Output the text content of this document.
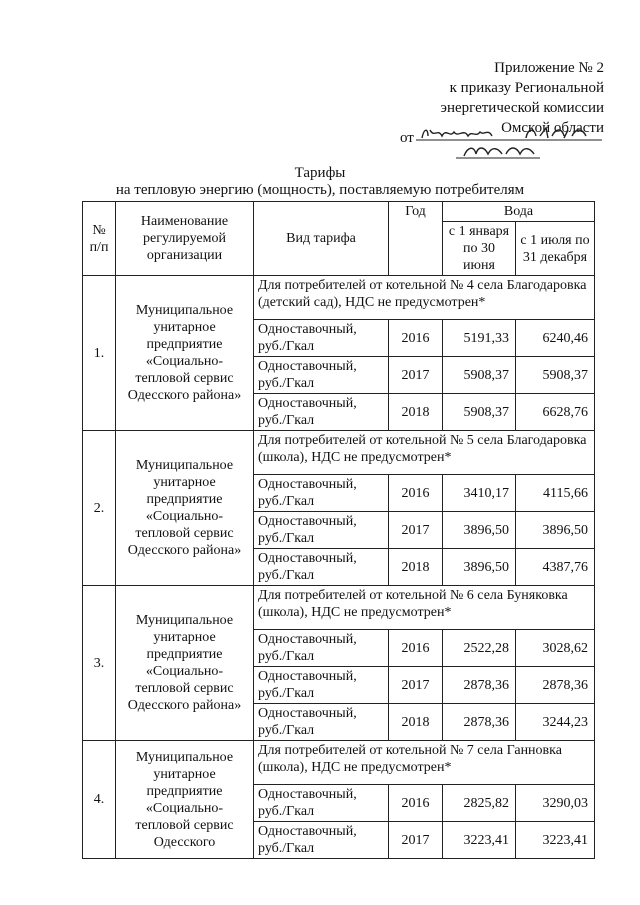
Приложение № 2
к приказу Региональной
энергетической комиссии
Омской области
от
Тарифы
на тепловую энергию (мощность), поставляемую потребителям
№ п/п	Наименование регулируемой организации	Вид тарифа	Год	Вода	
				с 1 января по 30 июня	с 1 июля по 31 декабря
1.	Муниципальное унитарное предприятие «Социально-тепловой сервис Одесского района»	Для потребителей от котельной № 4 села Благодаровка (детский сад), НДС не предусмотрен*			
		Одноставочный, руб./Гкал	2016	5191,33	6240,46
		Одноставочный, руб./Гкал	2017	5908,37	5908,37
		Одноставочный, руб./Гкал	2018	5908,37	6628,76
2.	Муниципальное унитарное предприятие «Социально-тепловой сервис Одесского района»	Для потребителей от котельной № 5 села Благодаровка (школа), НДС не предусмотрен*			
		Одноставочный, руб./Гкал	2016	3410,17	4115,66
		Одноставочный, руб./Гкал	2017	3896,50	3896,50
		Одноставочный, руб./Гкал	2018	3896,50	4387,76
3.	Муниципальное унитарное предприятие «Социально-тепловой сервис Одесского района»	Для потребителей от котельной № 6 села Буняковка (школа), НДС не предусмотрен*			
		Одноставочный, руб./Гкал	2016	2522,28	3028,62
		Одноставочный, руб./Гкал	2017	2878,36	2878,36
		Одноставочный, руб./Гкал	2018	2878,36	3244,23
4.	Муниципальное унитарное предприятие «Социально-тепловой сервис Одесского	Для потребителей от котельной № 7 села Ганновка (школа), НДС не предусмотрен*			
		Одноставочный, руб./Гкал	2016	2825,82	3290,03
		Одноставочный, руб./Гкал	2017	3223,41	3223,41
